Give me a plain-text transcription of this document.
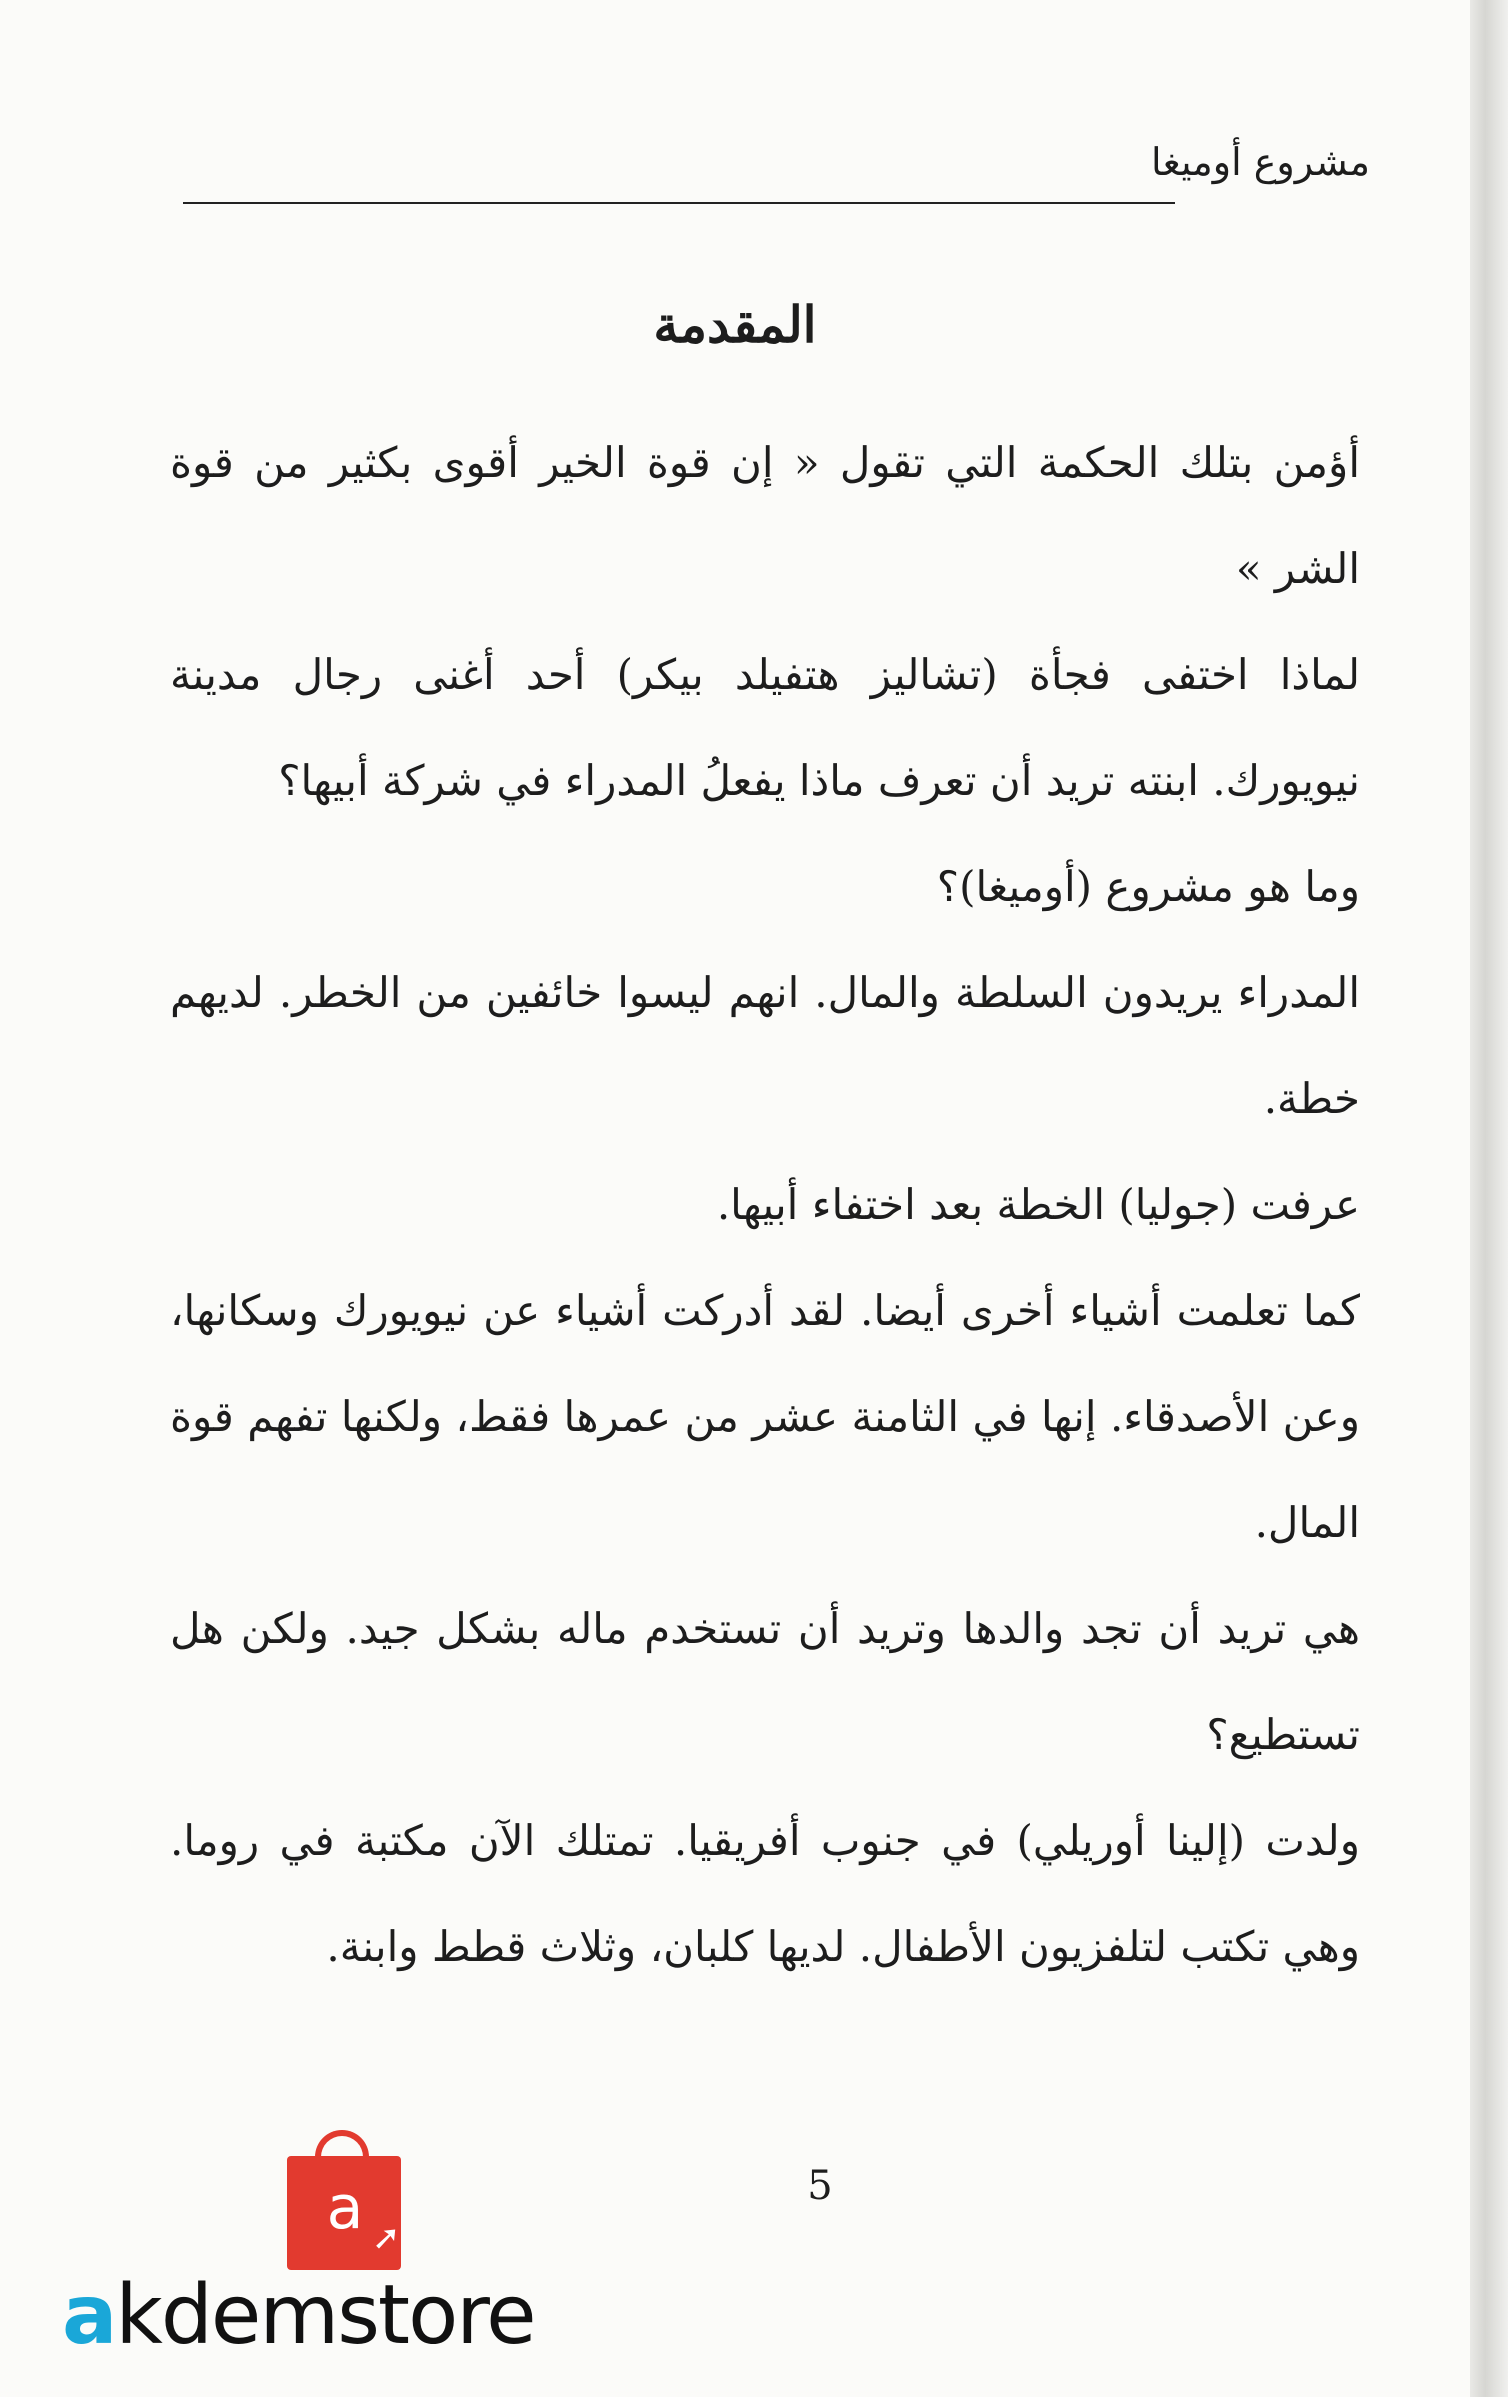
مشروع أوميغا
المقدمة

أؤمن بتلك الحكمة التي تقول « إن قوة الخير أقوى بكثير من قوة الشر »

لماذا اختفى فجأة (تشاليز هتفيلد بيكر) أحد أغنى رجال مدينة نيويورك. ابنته تريد أن تعرف ماذا يفعلُ المدراء في شركة أبيها؟

وما هو مشروع (أوميغا)؟

المدراء يريدون السلطة والمال. انهم ليسوا خائفين من الخطر. لديهم خطة.

عرفت (جوليا) الخطة بعد اختفاء أبيها.

كما تعلمت أشياء أخرى أيضا. لقد أدركت أشياء عن نيويورك وسكانها، وعن الأصدقاء. إنها في الثامنة عشر من عمرها فقط، ولكنها تفهم قوة المال.

هي تريد أن تجد والدها وتريد أن تستخدم ماله بشكل جيد. ولكن هل تستطيع؟

ولدت (إلينا أوريلي) في جنوب أفريقيا. تمتلك الآن مكتبة في روما. وهي تكتب لتلفزيون الأطفال. لديها كلبان، وثلاث قطط وابنة.

5
a ➚
akdemstore
